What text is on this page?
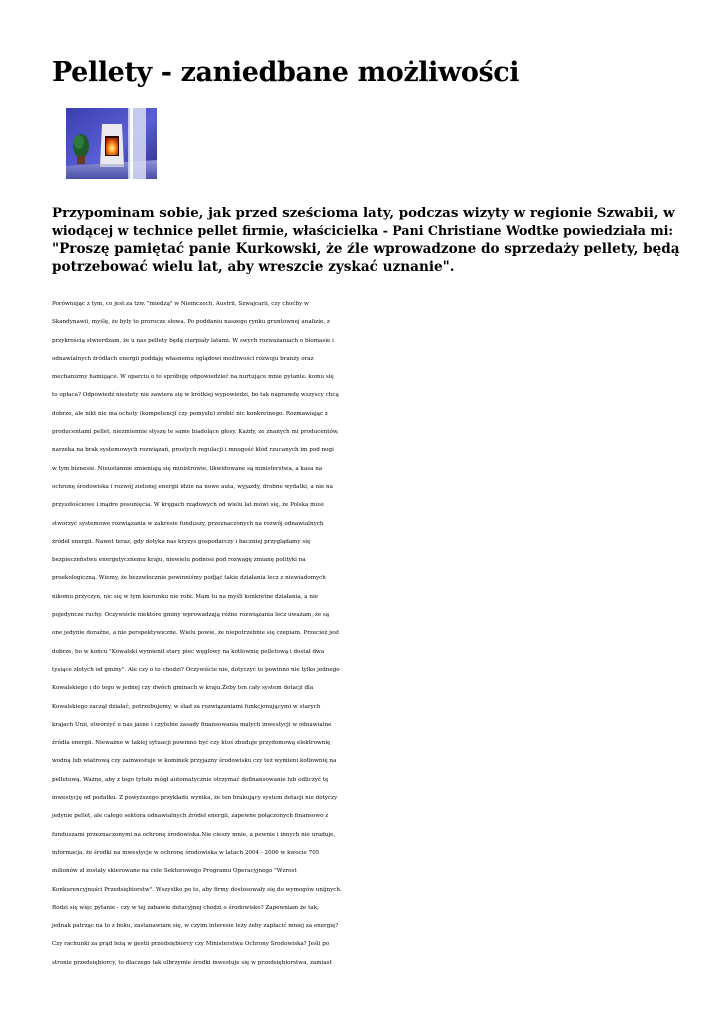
Pellety - zaniedbane możliwości
Przypominam sobie, jak przed sześcioma laty, podczas wizyty w regionie Szwabii, w
wiodącej w technice pellet firmie, właścicielka - Pani Christiane Wodtke powiedziała mi:
"Proszę pamiętać panie Kurkowski, że źle wprowadzone do sprzedaży pellety, będą
potrzebować wielu lat, aby wreszcie zyskać uznanie".
Porównując z tym, co jest za tzw. "miedzą" w Niemczech, Austrii, Szwajcarii, czy choćby w
Skandynawii, myślę, że były to prorocze słowa. Po poddaniu naszego rynku gruntownej analizie, z
przykrością stwierdzam, że u nas pellety będą cierpiały latami. W swych rozważaniach o biomasie i
odnawialnych źródłach energii poddaję własnemu oglądowi możliwości rozwoju branży oraz
mechanizmy hamujące. W oparciu o to spróbuję odpowiedzieć na nurtujące mnie pytanie. komu się
to opłaca? Odpowiedź niestety nie zawiera się w krótkiej wypowiedzi, bo tak naprawdę wszyscy chcą
dobrze, ale nikt nie ma ochoty (kompetencji czy pomysłu) zrobić nic konkretnego. Rozmawiając z
producentami pellet, niezmiennie słyszę te same biadolące głosy. Każdy, ze znanych mi producentów,
narzeka na brak systemowych rozwiązań, prostych regulacji i mnogość kłód rzucanych im pod nogi
w tym biznesie. Nieustannie zmieniają się ministrowie, likwidowane są ministerstwa, a kasa na
ochronę środowiska i rozwój zielonej energii idzie na nowe auta, wyjazdy, drobne wydatki, a nie na
przyszłościowe i mądre posunięcia. W kręgach rządowych od wielu lat mówi się, że Polska musi
stworzyć systemowe rozwiązania w zakresie funduszy, przeznaczonych na rozwój odnawialnych
źródeł energii. Nawet teraz, gdy dotyka nas kryzys gospodarczy i baczniej przyglądamy się
bezpieczeństwu energetycznemu kraju, niewielu podnosi pod rozwagę zmianę polityki na
proekologiczną. Wiemy, że bezzwłocznie powinniśmy podjąć takie działania lecz z niewiadomych
nikomu przyczyn, nic się w tym kierunku nie robi. Mam tu na myśli konkretne działania, a nie
pojedyncze ruchy. Oczywiście niektóre gminy wprowadzają różne rozwiązania lecz uważam, że są
one jedynie doraźne, a nie perspektywiczne. Wielu powie, że niepotrzebnie się czepiam. Przecież jest
dobrze, bo w końcu "Kowalski wymienił stary piec węglowy na kotłownię pelletową i dostał dwa
tysiące złotych od gminy". Ale czy o to chodzi? Oczywiście nie, dotyczyć to powinno nie tylko jednego
Kowalskiego i do tego w jednej czy dwóch gminach w kraju.Żeby ten cały system dotacji dla
Kowalskiego zaczął działać, potrzebujemy, w ślad za rozwiązaniami funkcjonującymi w starych
krajach Unii, stworzyć u nas jasne i czytelne zasady finansowania małych inwestycji w odnawialne
źródła energii. Nieważne w takiej sytuacji powinno być czy ktoś zbuduje przydomową elektrownię
wodną lub wiatrową czy zainwestuje w kominek przyjazny środowisku czy też wymieni kotłownię na
pelletową. Ważne, aby z tego tytułu mógł automatycznie otrzymać dofinansowanie lub odliczyć tę
inwestycję od podatku. Z powyższego przykładu wynika, że ten brakujący system dotacji nie dotyczy
jedynie pellet, ale całego sektora odnawialnych źródeł energii, zapewne połączonych finansowo z
funduszami przeznaczonymi na ochronę środowiska.Nie cieszy mnie, a pewnie i innych nie uraduje,
informacja, że środki na inwestycje w ochronę środowiska w latach 2004 - 2006 w kwocie 705
milionów zł zostały skierowane na cele Sektorowego Programu Operacyjnego "Wzrost
Konkurencyjności Przedsiębiorstw". Wszystko po to, aby firmy dostosowały się do wymogów unijnych.
Rodzi się więc pytanie - czy w tej zabawie dotacyjnej chodzi o środowisko? Zapewniam że tak,
jednak patrząc na to z boku, zastanawiam się, w czyim interesie leży żeby zapłacić mniej za energię?
Czy rachunki za prąd leżą w gestii przedsiębiorcy czy Ministerstwa Ochrony Środowiska? Jeśli po
stronie przedsiębiorcy, to dlaczego tak olbrzymie środki inwestuje się w przedsiębiorstwa, zamiast
